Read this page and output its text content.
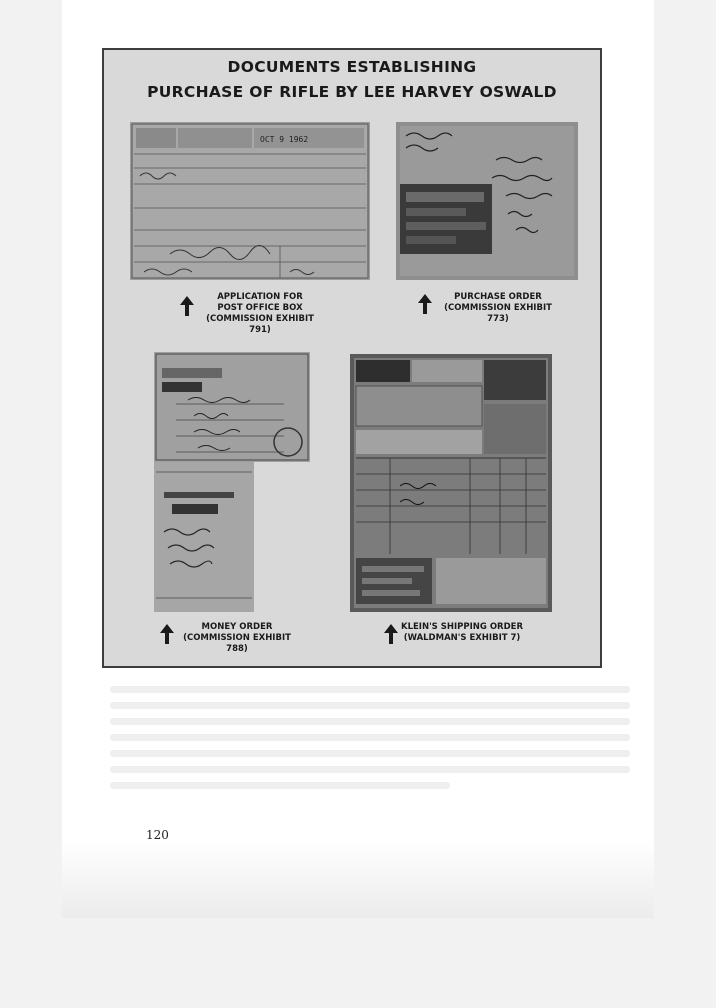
DOCUMENTS ESTABLISHING
PURCHASE OF RIFLE BY LEE HARVEY OSWALD
OCT 9 1962
APPLICATION FOR
POST OFFICE BOX
(COMMISSION EXHIBIT 791)
PURCHASE ORDER
(COMMISSION EXHIBIT 773)
MONEY ORDER
(COMMISSION EXHIBIT 788)
KLEIN'S SHIPPING ORDER
(WALDMAN'S EXHIBIT 7)
120
